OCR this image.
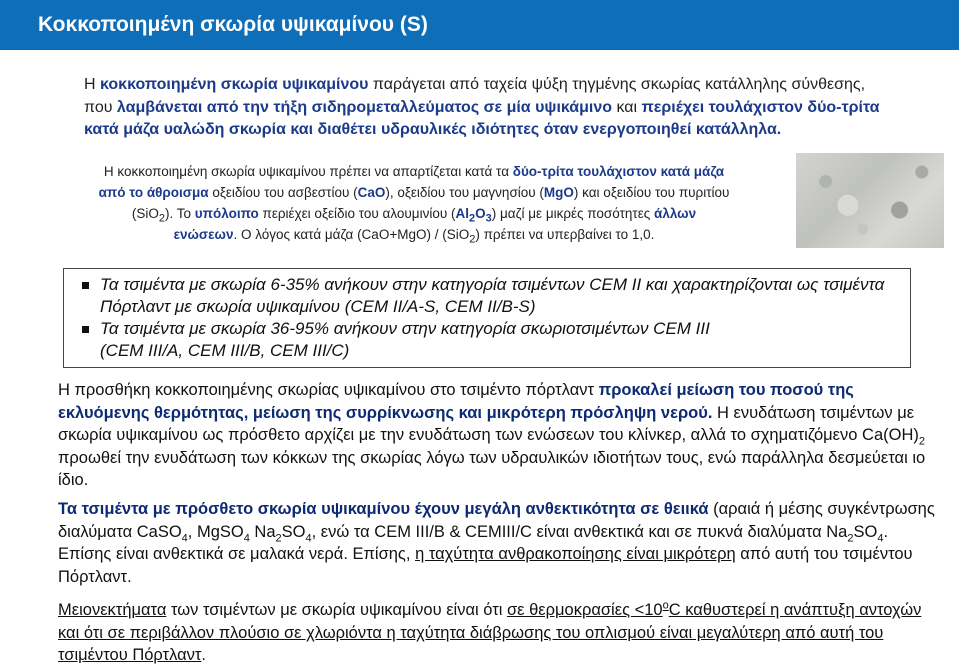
Κοκκοποιημένη σκωρία υψικαμίνου (S)
Η κοκκοποιημένη σκωρία υψικαμίνου παράγεται από ταχεία ψύξη τηγμένης σκωρίας κατάλληλης σύνθεσης,
που λαμβάνεται από την τήξη σιδηρομεταλλεύματος σε μία υψικάμινο και περιέχει τουλάχιστον δύο-τρίτα
κατά μάζα υαλώδη σκωρία και διαθέτει υδραυλικές ιδιότητες όταν ενεργοποιηθεί κατάλληλα.
Η κοκκοποιημένη σκωρία υψικαμίνου πρέπει να απαρτίζεται κατά τα δύο-τρίτα τουλάχιστον κατά μάζα
από το άθροισμα οξειδίου του ασβεστίου (CaO), οξειδίου του μαγνησίου (MgO) και οξειδίου του πυριτίου
(SiO$_2$). Το υπόλοιπο περιέχει οξείδιο του αλουμινίου $(Al_2O_3)$ μαζί με μικρές ποσότητες άλλων
ενώσεων. Ο λόγος κατά μάζα (CaO+MgO) / (SiO$_2$) πρέπει να υπερβαίνει το 1,0.
Τα τσιμέντα με σκωρία 6-35% ανήκουν στην κατηγορία τσιμέντων CEM II και χαρακτηρίζονται ως τσιμέντα Πόρτλαντ με σκωρία υψικαμίνου (CEM II/A-S, CEM II/B-S)
Τα τσιμέντα με σκωρία 36-95% ανήκουν στην κατηγορία σκωριοτσιμέντων CEM III
(CEM III/A, CEM III/B, CEM III/C)
Η προσθήκη κοκκοποιημένης σκωρίας υψικαμίνου στο τσιμέντο πόρτλαντ προκαλεί μείωση του ποσού της εκλυόμενης θερμότητας, μείωση της συρρίκνωσης και μικρότερη πρόσληψη νερού. Η ενυδάτωση τσιμέντων με σκωρία υψικαμίνου ως πρόσθετο αρχίζει με την ενυδάτωση των ενώσεων του κλίνκερ, αλλά το σχηματιζόμενο $Ca(OH)_2$ προωθεί την ενυδάτωση των κόκκων της σκωρίας λόγω των υδραυλικών ιδιοτήτων τους, ενώ παράλληλα δεσμεύεται ιο ίδιο.
Τα τσιμέντα με πρόσθετο σκωρία υψικαμίνου έχουν μεγάλη ανθεκτικότητα σε θειικά (αραιά ή μέσης συγκέντρωσης διαλύματα CaSO$_4$, MgSO$_4$ $Na_2SO_4$, ενώ τα CEM III/B & CEMIII/C είναι ανθεκτικά και σε πυκνά διαλύματα $Na_2SO_4$. Επίσης είναι ανθεκτικά σε μαλακά νερά. Επίσης, η ταχύτητα ανθρακοποίησης είναι μικρότερη από αυτή του τσιμέντου Πόρτλαντ.
Μειονεκτήματα των τσιμέντων με σκωρία υψικαμίνου είναι ότι σε $\theta\varepsilon\rho\mu o\kappa\rho\alpha\sigma ί\varepsilon\varsigma <10^oC$ καθυστερεί η ανάπτυξη αντοχών και ότι σε περιβάλλον πλούσιο σε χλωριόντα η ταχύτητα διάβρωσης του οπλισμού είναι μεγαλύτερη από αυτή του τσιμέντου Πόρτλαντ.
